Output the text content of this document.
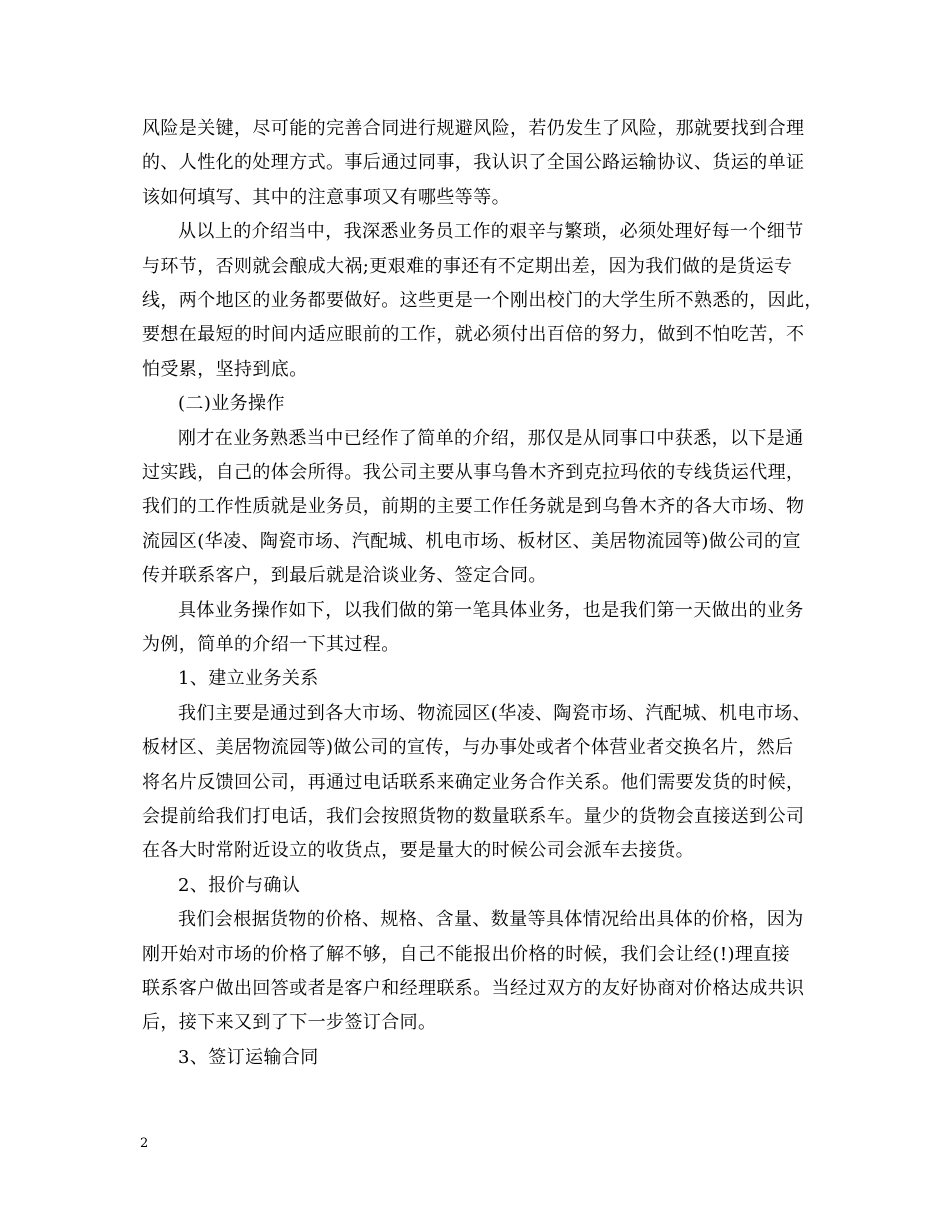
风险是关键，尽可能的完善合同进行规避风险，若仍发生了风险，那就要找到合理
的、人性化的处理方式。事后通过同事，我认识了全国公路运输协议、货运的单证
该如何填写、其中的注意事项又有哪些等等。
从以上的介绍当中，我深悉业务员工作的艰辛与繁琐，必须处理好每一个细节
与环节，否则就会酿成大祸;更艰难的事还有不定期出差，因为我们做的是货运专
线，两个地区的业务都要做好。这些更是一个刚出校门的大学生所不熟悉的，因此，
要想在最短的时间内适应眼前的工作，就必须付出百倍的努力，做到不怕吃苦，不
怕受累，坚持到底。
(二)业务操作
刚才在业务熟悉当中已经作了简单的介绍，那仅是从同事口中获悉，以下是通
过实践，自己的体会所得。我公司主要从事乌鲁木齐到克拉玛依的专线货运代理，
我们的工作性质就是业务员，前期的主要工作任务就是到乌鲁木齐的各大市场、物
流园区(华凌、陶瓷市场、汽配城、机电市场、板材区、美居物流园等)做公司的宣
传并联系客户，到最后就是洽谈业务、签定合同。
具体业务操作如下，以我们做的第一笔具体业务，也是我们第一天做出的业务
为例，简单的介绍一下其过程。
1、建立业务关系
我们主要是通过到各大市场、物流园区(华凌、陶瓷市场、汽配城、机电市场、
板材区、美居物流园等)做公司的宣传，与办事处或者个体营业者交换名片，然后
将名片反馈回公司，再通过电话联系来确定业务合作关系。他们需要发货的时候，
会提前给我们打电话，我们会按照货物的数量联系车。量少的货物会直接送到公司
在各大时常附近设立的收货点，要是量大的时候公司会派车去接货。
2、报价与确认
我们会根据货物的价格、规格、含量、数量等具体情况给出具体的价格，因为
刚开始对市场的价格了解不够，自己不能报出价格的时候，我们会让经(!)理直接
联系客户做出回答或者是客户和经理联系。当经过双方的友好协商对价格达成共识
后，接下来又到了下一步签订合同。
3、签订运输合同
2
